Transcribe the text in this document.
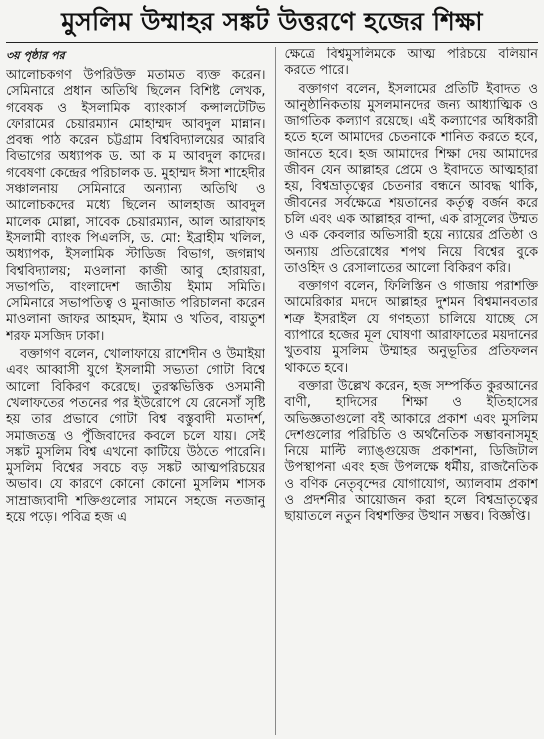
মুসলিম উম্মাহর সঙ্কট উত্তরণে হজের শিক্ষা
৩য় পৃষ্ঠার পর

আলোচকগণ উপরিউক্ত মতামত ব্যক্ত করেন। সেমিনারে প্রধান অতিথি ছিলেন বিশিষ্ট লেখক, গবেষক ও ইসলামিক ব্যাংকার্স কন্সালটেটিভ ফোরামের চেয়ারম্যান মোহাম্মদ আবদুল মান্নান। প্রবন্ধ পাঠ করেন চট্টগ্রাম বিশ্ববিদ্যালয়ের আরবি বিভাগের অধ্যাপক ড. আ ক ম আবদুল কাদের। গবেষণা কেন্দ্রের পরিচালক ড. মুহাম্মদ ঈসা শাহেদীর সঞ্চালনায় সেমিনারে অন্যান্য অতিথি ও আলোচকদের মধ্যে ছিলেন আলহাজ আবদুল মালেক মোল্লা, সাবেক চেয়ারম্যান, আল আরাফাহ ইসলামী ব্যাংক পিএলসি, ড. মো: ইব্রাহীম খলিল, অধ্যাপক, ইসলামিক স্টাডিজ বিভাগ, জগন্নাথ বিশ্ববিদ্যালয়; মওলানা কাজী আবু হোরায়রা, সভাপতি, বাংলাদেশ জাতীয় ইমাম সমিতি। সেমিনারে সভাপতিত্ব ও মুনাজাত পরিচালনা করেন মাওলানা জাফর আহমদ, ইমাম ও খতিব, বায়তুশ শরফ মসজিদ ঢাকা।

বক্তাগণ বলেন, খোলাফায়ে রাশেদীন ও উমাইয়া এবং আব্বাসী যুগে ইসলামী সভ্যতা গোটা বিশ্বে আলো বিকিরণ করেছে। তুরস্কভিত্তিক ওসমানী খেলাফতের পতনের পর ইউরোপে যে রেনেসাঁ সৃষ্টি হয় তার প্রভাবে গোটা বিশ্ব বস্তুবাদী মতাদর্শ, সমাজতন্ত্র ও পুঁজিবাদের কবলে চলে যায়। সেই সঙ্কট মুসলিম বিশ্ব এখনো কাটিয়ে উঠতে পারেনি। মুসলিম বিশ্বের সবচে বড় সঙ্কট আত্মপরিচয়ের অভাব। যে কারণে কোনো কোনো মুসলিম শাসক সাম্রাজ্যবাদী শক্তিগুলোর সামনে সহজে নতজানু হয়ে পড়ে। পবিত্র হজ এ

ক্ষেত্রে বিশ্বমুসলিমকে আত্ম পরিচয়ে বলিয়ান করতে পারে।

বক্তাগণ বলেন, ইসলামের প্রতিটি ইবাদত ও আনুষ্ঠানিকতায় মুসলমানদের জন্য আধ্যাত্মিক ও জাগতিক কল্যাণ রয়েছে। এই কল্যাণের অধিকারী হতে হলে আমাদের চেতনাকে শানিত করতে হবে, জানতে হবে। হজ আমাদের শিক্ষা দেয় আমাদের জীবন যেন আল্লাহর প্রেমে ও ইবাদতে আত্মহারা হয়, বিশ্বভ্রাতৃত্বের চেতনার বন্ধনে আবদ্ধ থাকি, জীবনের সর্বক্ষেত্রে শয়তানের কর্তৃত্ব বর্জন করে চলি এবং এক আল্লাহর বান্দা, এক রাসূলের উম্মত ও এক কেবলার অভিসারী হয়ে ন্যায়ের প্রতিষ্ঠা ও অন্যায় প্রতিরোধের শপথ নিয়ে বিশ্বের বুকে তাওহিদ ও রেসালাতের আলো বিকিরণ করি।

বক্তাগণ বলেন, ফিলিস্তিন ও গাজায় পরাশক্তি আমেরিকার মদদে আল্লাহর দুশমন বিশ্বমানবতার শত্রু ইসরাইল যে গণহত্যা চালিয়ে যাচ্ছে সে ব্যাপারে হজের মূল ঘোষণা আরাফাতের ময়দানের খুতবায় মুসলিম উম্মাহর অনুভূতির প্রতিফলন থাকতে হবে।

বক্তারা উল্লেখ করেন, হজ সম্পর্কিত কুরআনের বাণী, হাদিসের শিক্ষা ও ইতিহাসের অভিজ্ঞতাগুলো বই আকারে প্রকাশ এবং মুসলিম দেশগুলোর পরিচিতি ও অর্থনৈতিক সম্ভাবনাসমূহ নিয়ে মাল্টি ল্যাঙ্গুয়েজ প্রকাশনা, ডিজিটাল উপস্থাপনা এবং হজ উপলক্ষে ধর্মীয়, রাজনৈতিক ও বণিক নেতৃবৃন্দের যোগাযোগ, অ্যালবাম প্রকাশ ও প্রদর্শনীর আয়োজন করা হলে বিশ্বভ্রাতৃত্বের ছায়াতলে নতুন বিশ্বশক্তির উত্থান সম্ভব। বিজ্ঞপ্তি।
